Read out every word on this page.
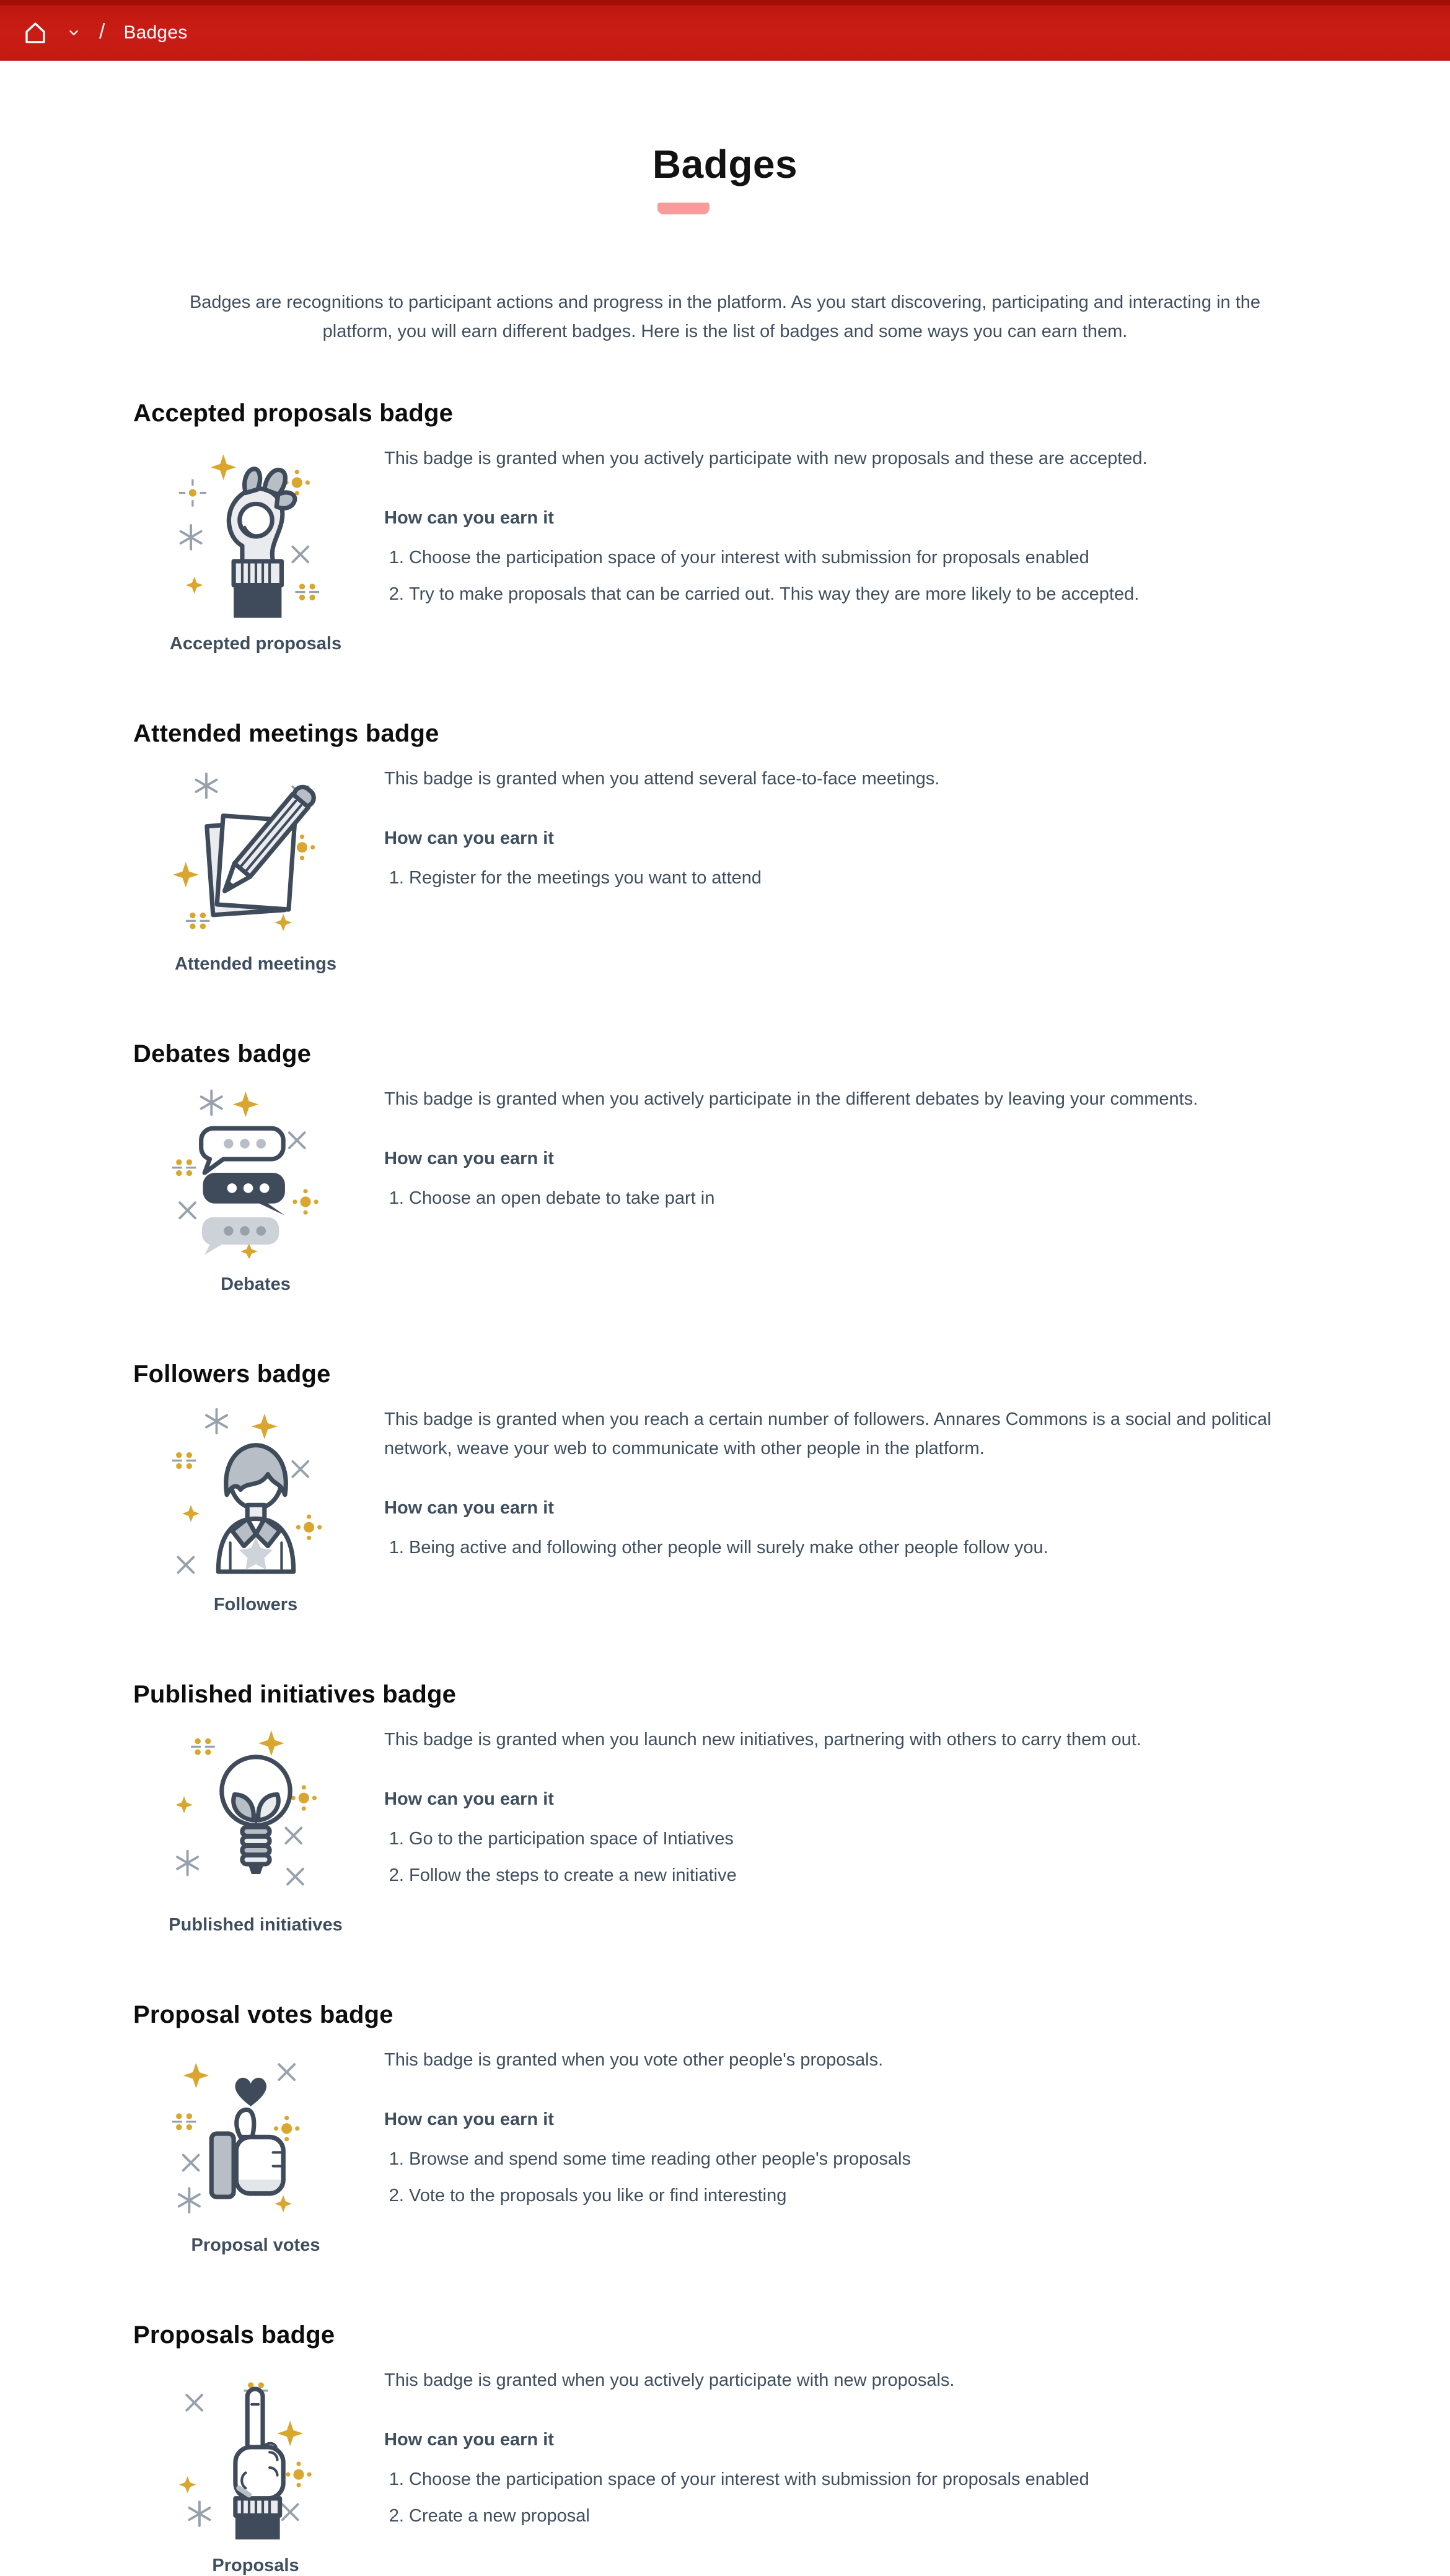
/ Badges
Badges

Badges are recognitions to participant actions and progress in the platform. As you start discovering, participating and interacting in the platform, you will earn different badges. Here is the list of badges and some ways you can earn them.

Accepted proposals badge
Accepted proposals

This badge is granted when you actively participate with new proposals and these are accepted.

How can you earn it

1. Choose the participation space of your interest with submission for proposals enabled
2. Try to make proposals that can be carried out. This way they are more likely to be accepted.
Attended meetings badge
Attended meetings

This badge is granted when you attend several face-to-face meetings.

How can you earn it

1. Register for the meetings you want to attend
Debates badge
Debates

This badge is granted when you actively participate in the different debates by leaving your comments.

How can you earn it

1. Choose an open debate to take part in
Followers badge
Followers

This badge is granted when you reach a certain number of followers. Annares Commons is a social and political network, weave your web to communicate with other people in the platform.

How can you earn it

1. Being active and following other people will surely make other people follow you.
Published initiatives badge
Published initiatives

This badge is granted when you launch new initiatives, partnering with others to carry them out.

How can you earn it

1. Go to the participation space of Intiatives
2. Follow the steps to create a new initiative
Proposal votes badge
Proposal votes

This badge is granted when you vote other people's proposals.

How can you earn it

1. Browse and spend some time reading other people's proposals
2. Vote to the proposals you like or find interesting
Proposals badge
Proposals

This badge is granted when you actively participate with new proposals.

How can you earn it

1. Choose the participation space of your interest with submission for proposals enabled
2. Create a new proposal
